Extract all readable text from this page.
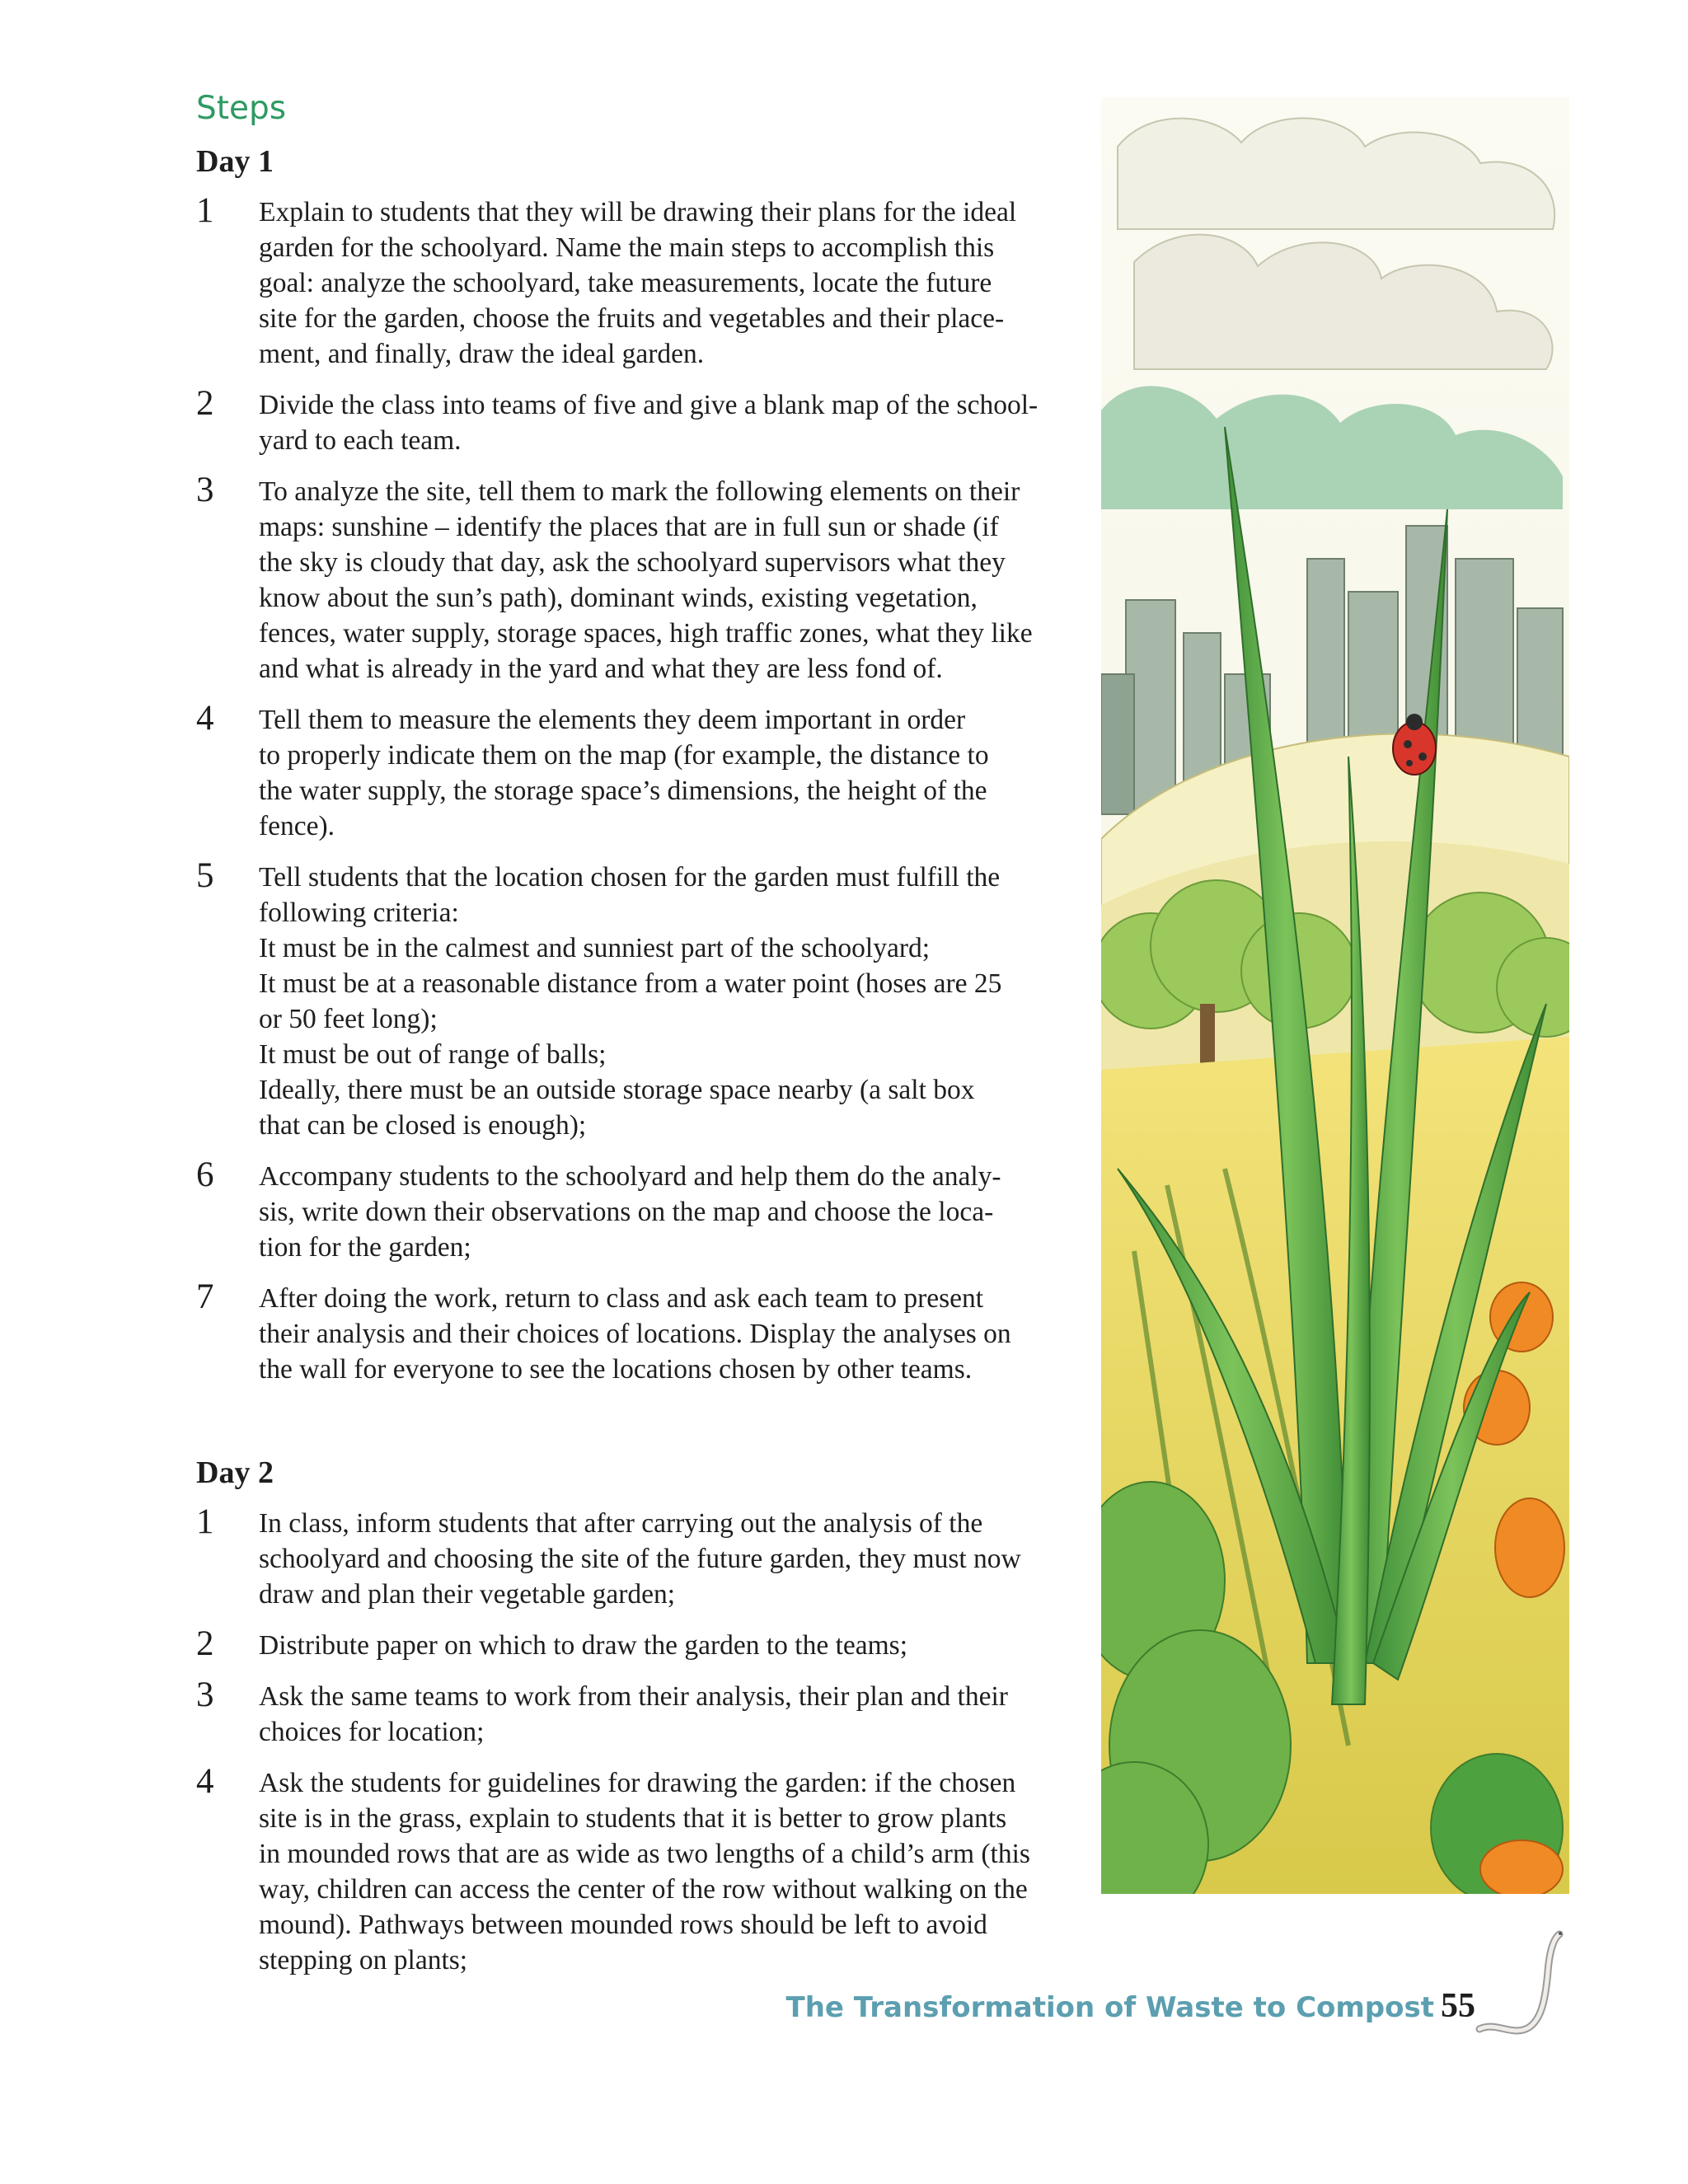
Steps
Day 1
1 Explain to students that they will be drawing their plans for the ideal
garden for the schoolyard. Name the main steps to accomplish this
goal: analyze the schoolyard, take measurements, locate the future
site for the garden, choose the fruits and vegetables and their place-
ment, and finally, draw the ideal garden.
2 Divide the class into teams of five and give a blank map of the school-
yard to each team.
3 To analyze the site, tell them to mark the following elements on their
maps: sunshine – identify the places that are in full sun or shade (if
the sky is cloudy that day, ask the schoolyard supervisors what they
know about the sun’s path), dominant winds, existing vegetation,
fences, water supply, storage spaces, high traffic zones, what they like
and what is already in the yard and what they are less fond of.
4 Tell them to measure the elements they deem important in order
to properly indicate them on the map (for example, the distance to
the water supply, the storage space’s dimensions, the height of the
fence).
5 Tell students that the location chosen for the garden must fulfill the
following criteria:
It must be in the calmest and sunniest part of the schoolyard;
It must be at a reasonable distance from a water point (hoses are 25
or 50 feet long);
It must be out of range of balls;
Ideally, there must be an outside storage space nearby (a salt box
that can be closed is enough);
6 Accompany students to the schoolyard and help them do the analy-
sis, write down their observations on the map and choose the loca-
tion for the garden;
7 After doing the work, return to class and ask each team to present
their analysis and their choices of locations. Display the analyses on
the wall for everyone to see the locations chosen by other teams.
Day 2
1 In class, inform students that after carrying out the analysis of the
schoolyard and choosing the site of the future garden, they must now
draw and plan their vegetable garden;
2 Distribute paper on which to draw the garden to the teams;
3 Ask the same teams to work from their analysis, their plan and their
choices for location;
4 Ask the students for guidelines for drawing the garden: if the chosen
site is in the grass, explain to students that it is better to grow plants
in mounded rows that are as wide as two lengths of a child’s arm (this
way, children can access the center of the row without walking on the
mound). Pathways between mounded rows should be left to avoid
stepping on plants;
The Transformation of Waste to Compost 55
